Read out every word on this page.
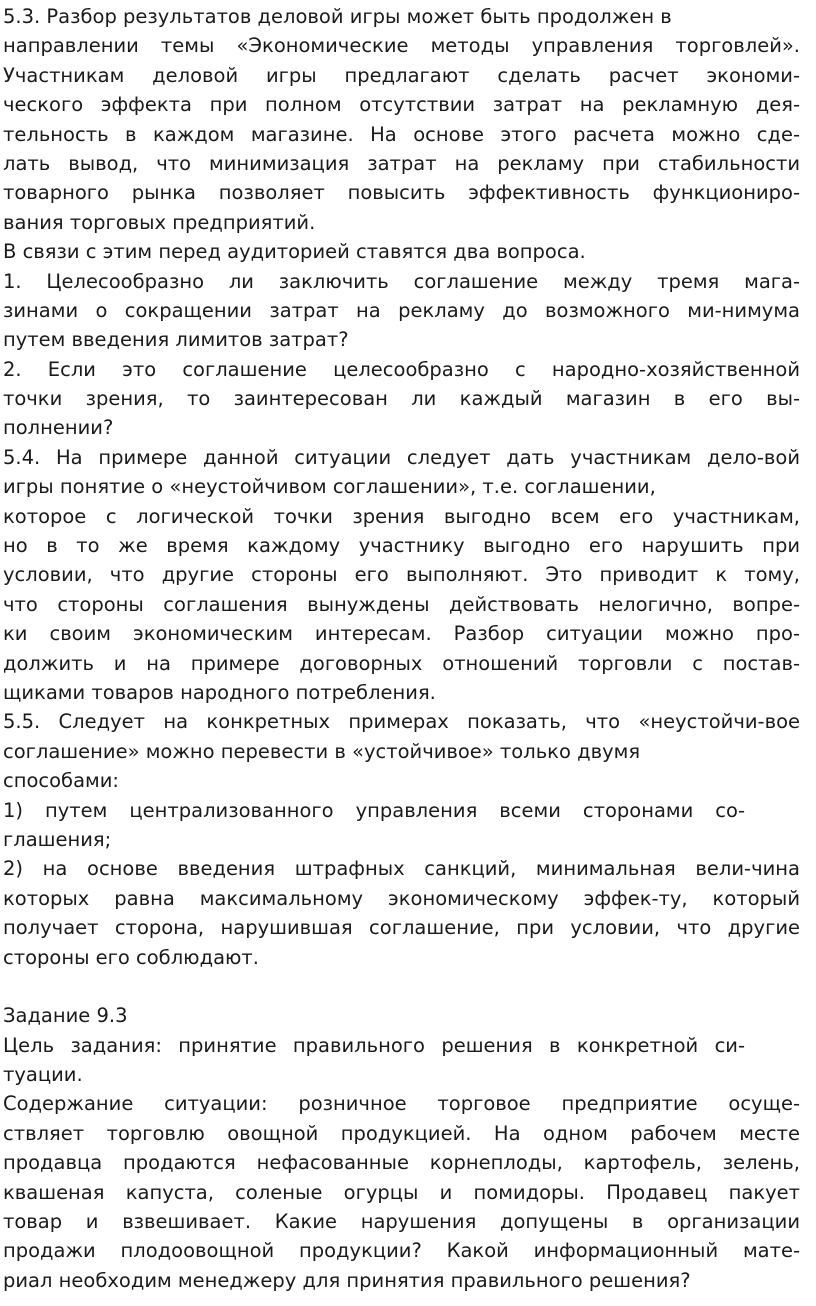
5.3. Разбор результатов деловой игры может быть продолжен в
направлении темы «Экономические методы управления торговлей».
Участникам деловой игры предлагают сделать расчет экономи-
ческого эффекта при полном отсутствии затрат на рекламную дея-
тельность в каждом магазине. На основе этого расчета можно сде-
лать вывод, что минимизация затрат на рекламу при стабильности
товарного рынка позволяет повысить эффективность функциониро-
вания торговых предприятий.
В связи с этим перед аудиторией ставятся два вопроса.
1. Целесообразно ли заключить соглашение между тремя мага-
зинами о сокращении затрат на рекламу до возможного ми-нимума
путем введения лимитов затрат?
2. Если это соглашение целесообразно с народно-хозяйственной
точки зрения, то заинтересован ли каждый магазин в его вы-
полнении?
5.4. На примере данной ситуации следует дать участникам дело-вой
игры понятие о «неустойчивом соглашении», т.е. соглашении,
которое с логической точки зрения выгодно всем его участникам,
но в то же время каждому участнику выгодно его нарушить при
условии, что другие стороны его выполняют. Это приводит к тому,
что стороны соглашения вынуждены действовать нелогично, вопре-
ки своим экономическим интересам. Разбор ситуации можно про-
должить и на примере договорных отношений торговли с постав-
щиками товаров народного потребления.
5.5. Следует на конкретных примерах показать, что «неустойчи-вое
соглашение» можно перевести в «устойчивое» только двумя
способами:
1) путем централизованного управления всеми сторонами со-
глашения;
2) на основе введения штрафных санкций, минимальная вели-чина
которых равна максимальному экономическому эффек-ту, который
получает сторона, нарушившая соглашение, при условии, что другие
стороны его соблюдают.
Задание 9.3
Цель задания: принятие правильного решения в конкретной си-
туации.
Содержание ситуации: розничное торговое предприятие осуще-
ствляет торговлю овощной продукцией. На одном рабочем месте
продавца продаются нефасованные корнеплоды, картофель, зелень,
квашеная капуста, соленые огурцы и помидоры. Продавец пакует
товар и взвешивает. Какие нарушения допущены в организации
продажи плодоовощной продукции? Какой информационный мате-
риал необходим менеджеру для принятия правильного решения?
